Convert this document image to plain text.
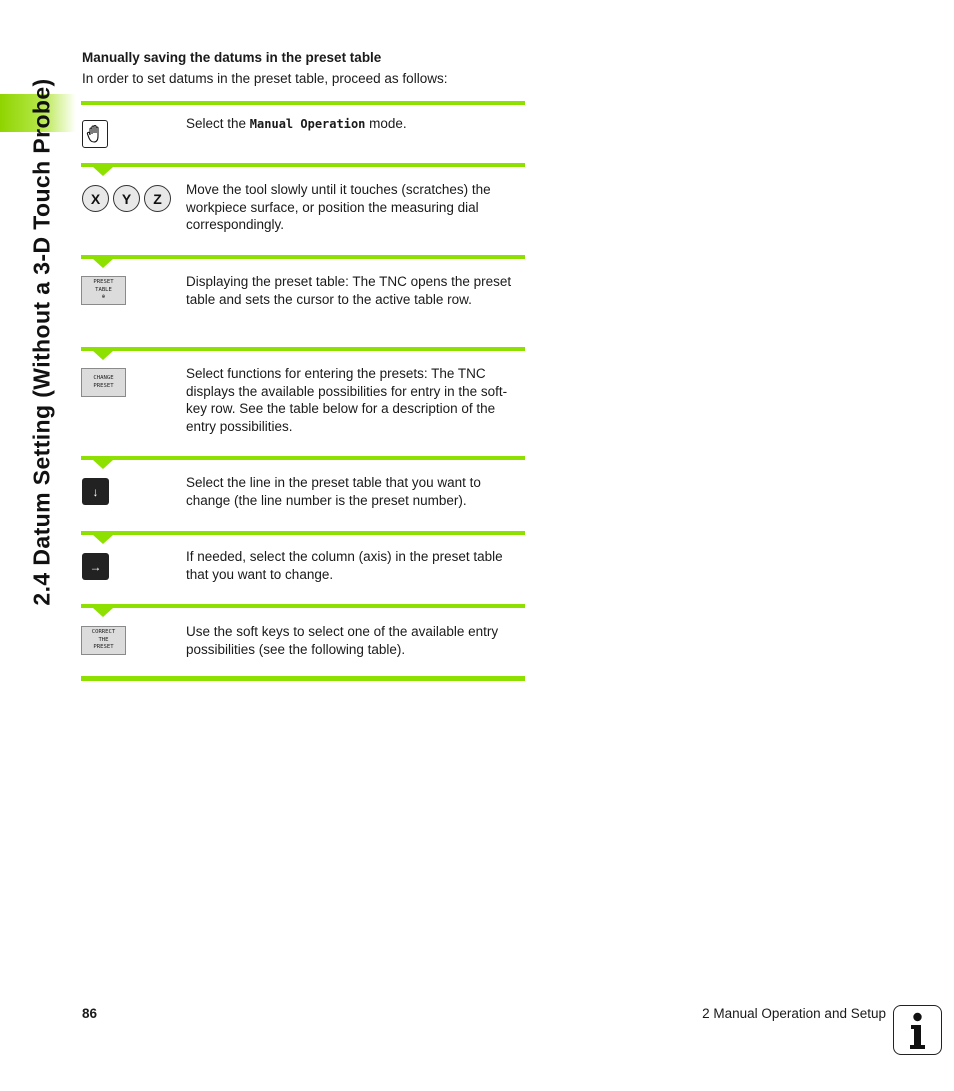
2.4 Datum Setting (Without a 3-D Touch Probe)
Manually saving the datums in the preset table
In order to set datums in the preset table, proceed as follows:
Select the Manual Operation mode.
X	Y	Z
Move the tool slowly until it touches (scratches) the workpiece surface, or position the measuring dial correspondingly.
PRESET
TABLE
⊕
Displaying the preset table: The TNC opens the preset table and sets the cursor to the active table row.
CHANGE
PRESET
Select functions for entering the presets: The TNC displays the available possibilities for entry in the soft-key row. See the table below for a description of the entry possibilities.
↓
Select the line in the preset table that you want to change (the line number is the preset number).
→
If needed, select the column (axis) in the preset table that you want to change.
CORRECT
THE
PRESET
Use the soft keys to select one of the available entry possibilities (see the following table).
86	2 Manual Operation and Setup
